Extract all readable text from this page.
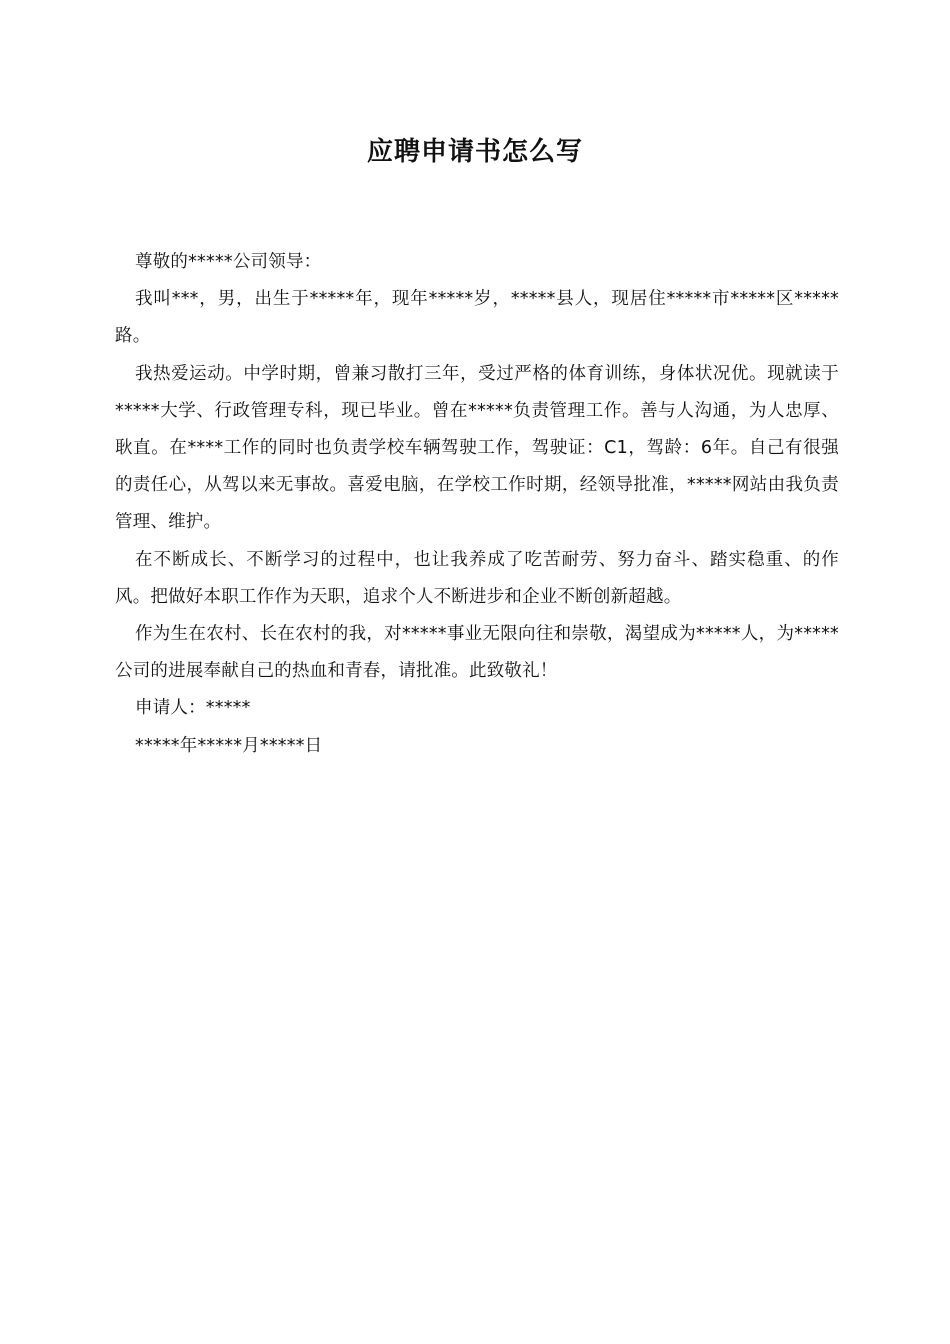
应聘申请书怎么写

尊敬的*****公司领导：

我叫***，男，出生于*****年，现年*****岁，*****县人，现居住*****市*****区*****路。

我热爱运动。中学时期，曾兼习散打三年，受过严格的体育训练，身体状况优。现就读于*****大学、行政管理专科，现已毕业。曾在*****负责管理工作。善与人沟通，为人忠厚、耿直。在****工作的同时也负责学校车辆驾驶工作，驾驶证：C1，驾龄：6年。自己有很强的责任心，从驾以来无事故。喜爱电脑，在学校工作时期，经领导批准，*****网站由我负责管理、维护。

在不断成长、不断学习的过程中，也让我养成了吃苦耐劳、努力奋斗、踏实稳重、的作风。把做好本职工作作为天职，追求个人不断进步和企业不断创新超越。

作为生在农村、长在农村的我，对*****事业无限向往和崇敬，渴望成为*****人，为*****公司的进展奉献自己的热血和青春，请批准。此致敬礼！

申请人：*****

*****年*****月*****日
